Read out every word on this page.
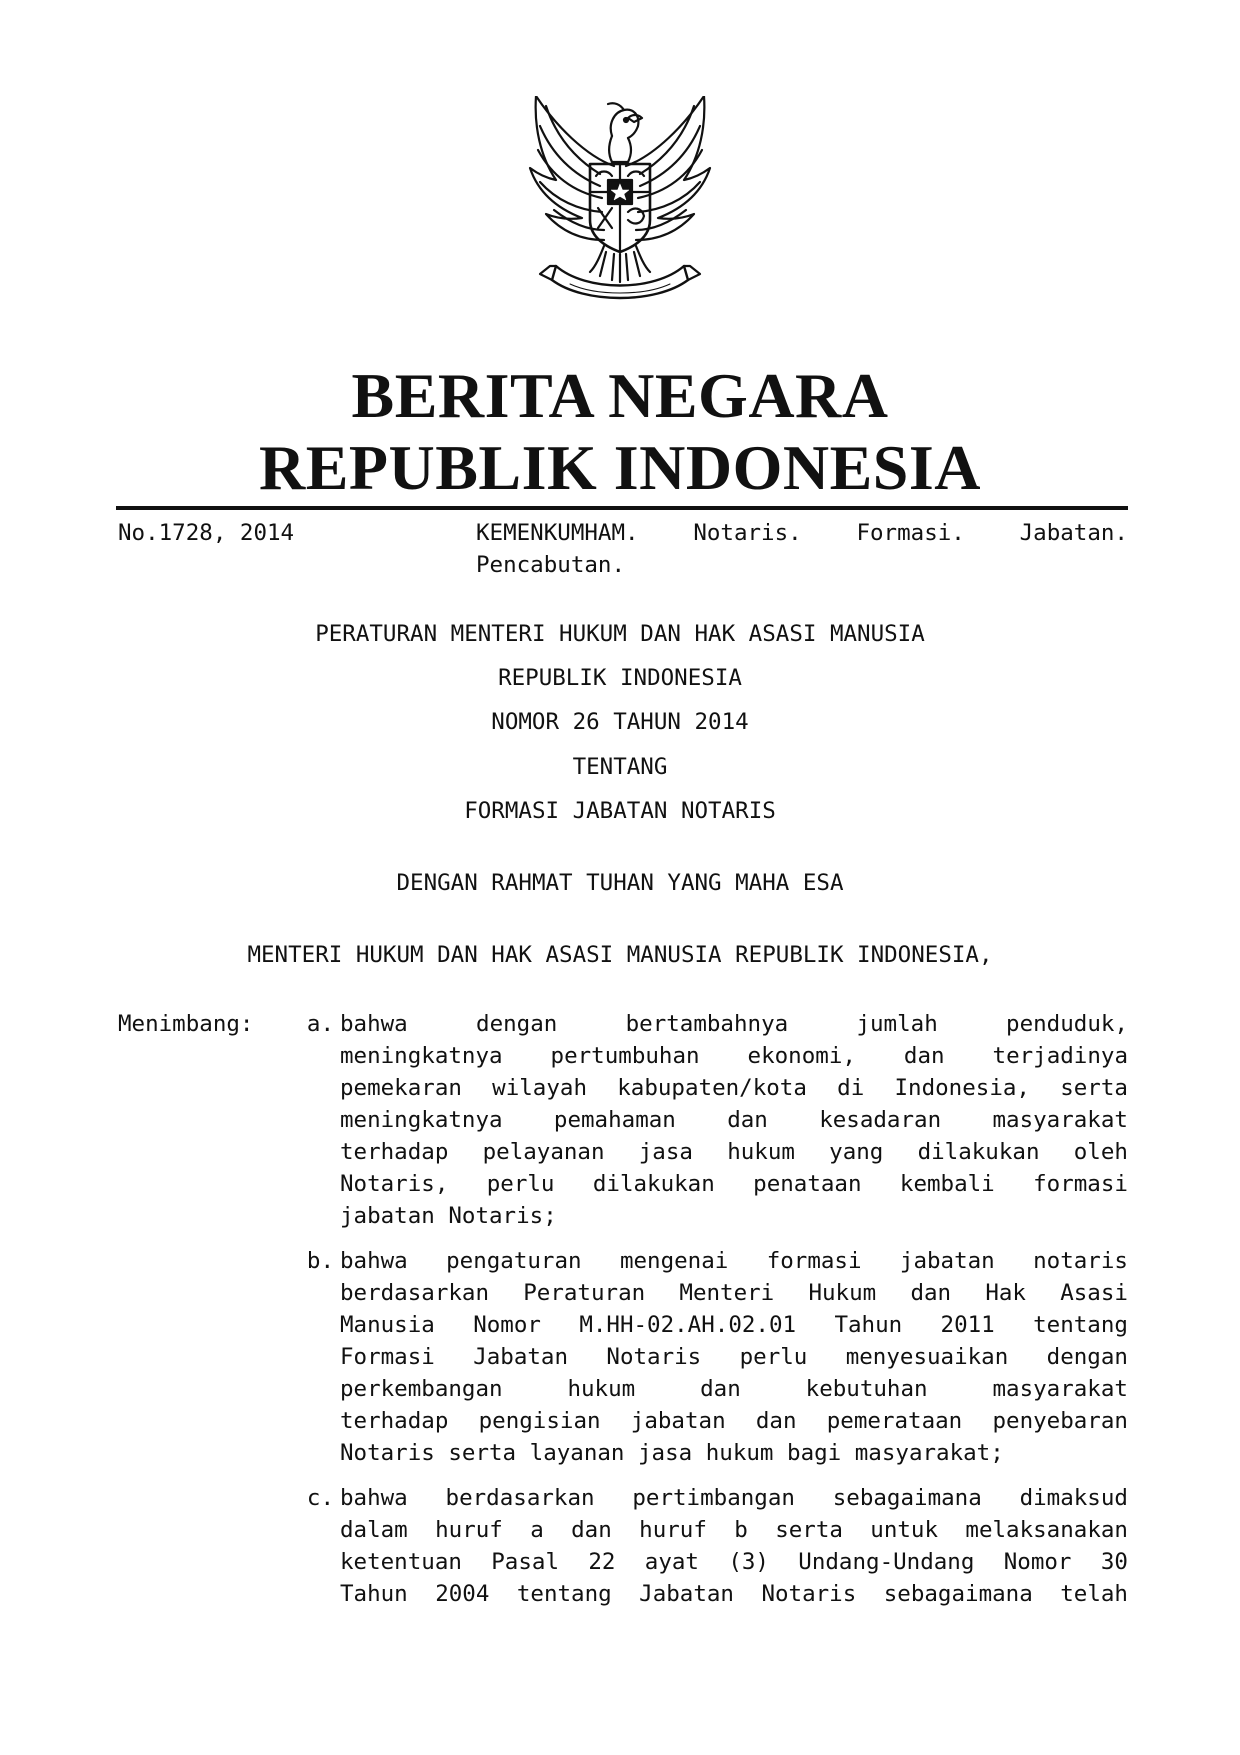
BERITA NEGARA
REPUBLIK INDONESIA
No.1728, 2014	KEMENKUMHAM. Notaris. Formasi. Jabatan.
Pencabutan.
PERATURAN MENTERI HUKUM DAN HAK ASASI MANUSIA
REPUBLIK INDONESIA
NOMOR 26 TAHUN 2014
TENTANG
FORMASI JABATAN NOTARIS
DENGAN RAHMAT TUHAN YANG MAHA ESA
MENTERI HUKUM DAN HAK ASASI MANUSIA REPUBLIK INDONESIA,
Menimbang:	a. bahwa	dengan	bertambahnya	jumlah	penduduk,
meningkatnya pertumbuhan ekonomi, dan terjadinya
pemekaran wilayah kabupaten/kota di Indonesia, serta
meningkatnya pemahaman dan kesadaran masyarakat
terhadap pelayanan jasa hukum yang dilakukan oleh
Notaris, perlu dilakukan penataan kembali formasi
jabatan Notaris;
b. bahwa pengaturan mengenai formasi jabatan notaris
berdasarkan Peraturan Menteri Hukum dan Hak Asasi
Manusia Nomor M.HH-02.AH.02.01 Tahun 2011 tentang
Formasi Jabatan Notaris perlu menyesuaikan dengan
perkembangan	hukum	dan	kebutuhan	masyarakat
terhadap pengisian jabatan dan pemerataan penyebaran
Notaris serta layanan jasa hukum bagi masyarakat;
c. bahwa berdasarkan pertimbangan sebagaimana dimaksud
dalam huruf a dan huruf b serta untuk melaksanakan
ketentuan Pasal 22 ayat (3) Undang-Undang Nomor 30
Tahun 2004 tentang Jabatan Notaris sebagaimana telah
